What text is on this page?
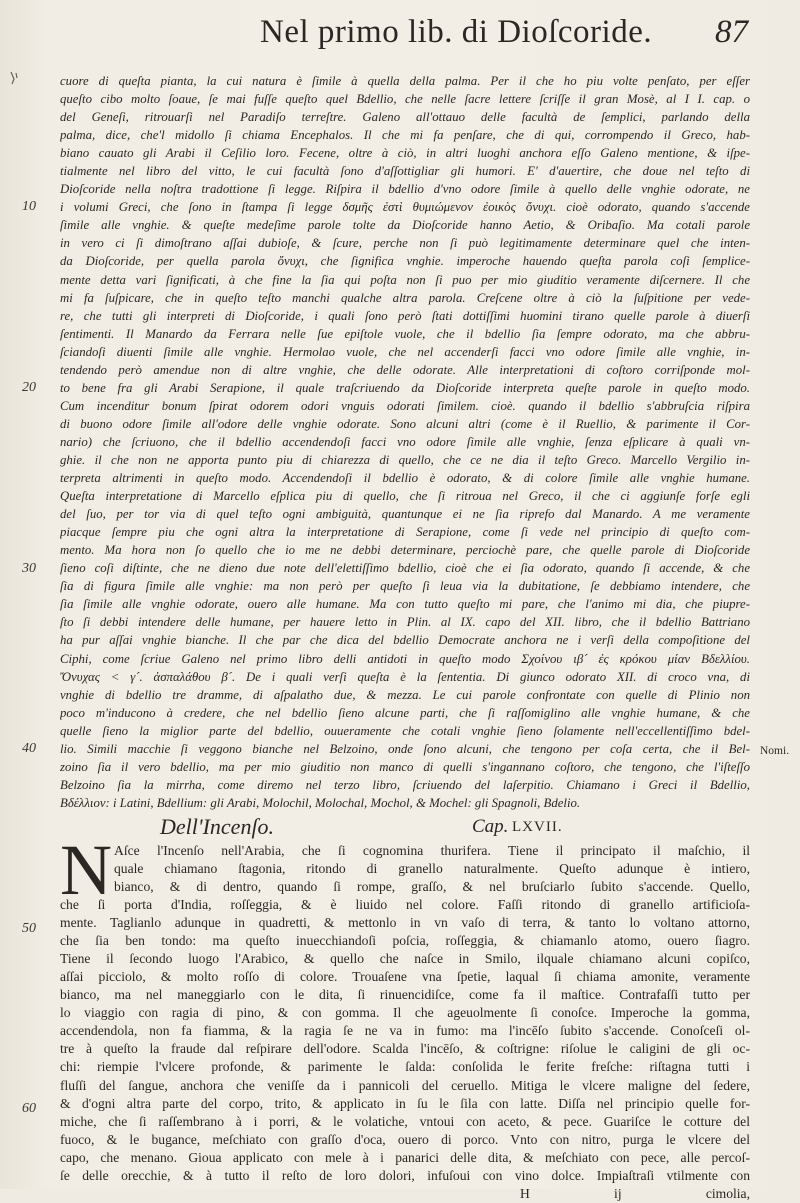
Nel primo lib. di Dioſcoride. 87
10
20
30
40
50
60
Nomi.
cuore di queſta pianta, la cui natura è ſimile à quella della palma. Per il che ho piu volte penſato, per eſſer
queſto cibo molto ſoaue, ſe mai fuſſe queſto quel Bdellio, che nelle ſacre lettere ſcriſſe il gran Mosè, al I I. cap. o
del Geneſi, ritrouarſi nel Paradiſo terreſtre. Galeno all'ottauo delle facultà de ſemplici, parlando della
palma, dice, che'l midollo ſi chiama Encephalos. Il che mi fa penſare, che di qui, corrompendo il Greco, hab-
biano cauato gli Arabi il Ceſilio loro. Fecene, oltre à ciò, in altri luoghi anchora eſſo Galeno mentione, & iſpe-
tialmente nel libro del vitto, le cui facultà ſono d'aſſottigliar gli humori. E' d'auertire, che doue nel teſto di
Dioſcoride nella noſtra tradottione ſi legge. Riſpira il bdellio d'vno odore ſimile à quello delle vnghie odorate, ne
i volumi Greci, che ſono in ſtampa ſi legge δσμῆς ἐστὶ θυμιώμενον ἐοικὸς ὄνυχι. cioè odorato, quando s'accende
ſimile alle vnghie. & queſte medeſime parole tolte da Dioſcoride hanno Aetio, & Oribaſio. Ma cotali parole
in vero ci ſi dimoſtrano aſſai dubioſe, & ſcure, perche non ſi può legitimamente determinare quel che inten-
da Dioſcoride, per quella parola ὄνυχι, che ſignifica vnghie. imperoche hauendo queſta parola coſi ſemplice-
mente detta vari ſignificati, à che fine la ſia qui poſta non ſi puo per mio giuditio veramente diſcernere. Il che
mi fa ſuſpicare, che in queſto teſto manchi qualche altra parola. Creſcene oltre à ciò la ſuſpitione per vede-
re, che tutti gli interpreti di Dioſcoride, i quali ſono però ſtati dottiſſimi huomini tirano quelle parole à diuerſi
ſentimenti. Il Manardo da Ferrara nelle ſue epiſtole vuole, che il bdellio ſia ſempre odorato, ma che abbru-
ſciandoſi diuenti ſimile alle vnghie. Hermolao vuole, che nel accenderſi facci vno odore ſimile alle vnghie, in-
tendendo però amendue non di altre vnghie, che delle odorate. Alle interpretationi di coſtoro corriſponde mol-
to bene fra gli Arabi Serapione, il quale traſcriuendo da Dioſcoride interpreta queſte parole in queſto modo.
Cum incenditur bonum ſpirat odorem odori vnguis odorati ſimilem. cioè. quando il bdellio s'abbruſcia riſpira
di buono odore ſimile all'odore delle vnghie odorate. Sono alcuni altri (come è il Ruellio, & parimente il Cor-
nario) che ſcriuono, che il bdellio accendendoſi facci vno odore ſimile alle vnghie, ſenza eſplicare à quali vn-
ghie. il che non ne apporta punto piu di chiarezza di quello, che ce ne dia il teſto Greco. Marcello Vergilio in-
terpreta altrimenti in queſto modo. Accendendoſi il bdellio è odorato, & di colore ſimile alle vnghie humane.
Queſta interpretatione di Marcello eſplica piu di quello, che ſi ritroua nel Greco, il che ci aggiunſe forſe egli
del ſuo, per tor via di quel teſto ogni ambiguità, quantunque ei ne ſia riprefo dal Manardo. A me veramente
piacque ſempre piu che ogni altra la interpretatione di Serapione, come ſi vede nel principio di queſto com-
mento. Ma hora non ſo quello che io me ne debbi determinare, perciochè pare, che quelle parole di Dioſcoride
ſieno coſi diſtinte, che ne dieno due note dell'elettiſſimo bdellio, cioè che ei ſia odorato, quando ſi accende, & che
ſia di figura ſimile alle vnghie: ma non però per queſto ſi leua via la dubitatione, ſe debbiamo intendere, che
ſia ſimile alle vnghie odorate, ouero alle humane. Ma con tutto queſto mi pare, che l'animo mi dia, che piupre-
ſto ſi debbi intendere delle humane, per hauere letto in Plin. al IX. capo del XII. libro, che il bdellio Battriano
ha pur aſſai vnghie bianche. Il che par che dica del bdellio Democrate anchora ne i verſi della compoſitione del
Ciphi, come ſcriue Galeno nel primo libro delli antidoti in queſto modo Σχοίνου ιβ´ ἐς κρόκου μίαν Βδελλίου.
Ὄνυχας < γ´. ἀσπαλάθου β´. De i quali verſi queſta è la ſententia. Di giunco odorato XII. di croco vna, di
vnghie di bdellio tre dramme, di aſpalatho due, & mezza. Le cui parole confrontate con quelle di Plinio non
poco m'inducono à credere, che nel bdellio ſieno alcune parti, che ſi raſſomiglino alle vnghie humane, & che
quelle ſieno la miglior parte del bdellio, ouueramente che cotali vnghie ſieno ſolamente nell'eccellentiſſimo bdel-
lio. Simili macchie ſi veggono bianche nel Belzoino, onde ſono alcuni, che tengono per coſa certa, che il Bel-
zoino ſia il vero bdellio, ma per mio giuditio non manco di quelli s'ingannano coſtoro, che tengono, che l'iſteſſo
Belzoino ſia la mirrha, come diremo nel terzo libro, ſcriuendo del laſerpitio. Chiamano i Greci il Bdellio,
Βδέλλιον: i Latini, Bdellium: gli Arabi, Molochil, Molochal, Mochol, & Mochel: gli Spagnoli, Bdelio.
Dell'Incenſo.	Cap. LXVII.
N Aſce l'Incenſo nell'Arabia, che ſi cognomina thurifera. Tiene il principato il maſchio, il
quale chiamano ſtagonia, ritondo di granello naturalmente. Queſto adunque è intiero,
bianco, & di dentro, quando ſi rompe, graſſo, & nel bruſciarlo ſubito s'accende. Quello,
che ſi porta d'India, roſſeggia, & è liuido nel colore. Faſſi ritondo di granello artificioſa-
mente. Taglianlo adunque in quadretti, & mettonlo in vn vaſo di terra, & tanto lo voltano attorno,
che ſia ben tondo: ma queſto inuecchiandoſi poſcia, roſſeggia, & chiamanlo atomo, ouero ſiagro.
Tiene il ſecondo luogo l'Arabico, & quello che naſce in Smilo, ilquale chiamano alcuni copiſco,
aſſai picciolo, & molto roſſo di colore. Trouaſene vna ſpetie, laqual ſi chiama amonite, veramente
bianco, ma nel maneggiarlo con le dita, ſi rinuencidiſce, come fa il maſtice. Contrafaſſi tutto per
lo viaggio con ragia di pino, & con gomma. Il che ageuolmente ſi conoſce. Imperoche la gomma,
accendendola, non fa fiamma, & la ragia ſe ne va in fumo: ma l'incēſo ſubito s'accende. Conoſceſi ol-
tre à queſto la fraude dal reſpirare dell'odore. Scalda l'incēſo, & coſtrigne: riſolue le caligini de gli oc-
chi: riempie l'vlcere profonde, & parimente le ſalda: conſolida le ferite freſche: riſtagna tutti i
fluſſi del ſangue, anchora che veniſſe da i pannicoli del ceruello. Mitiga le vlcere maligne del ſedere,
& d'ogni altra parte del corpo, trito, & applicato in ſu le ſila con latte. Diſſa nel principio quelle for-
miche, che ſi raſſembrano à i porri, & le volatiche, vntoui con aceto, & pece. Guariſce le cotture del
fuoco, & le bugance, meſchiato con graſſo d'oca, ouero di porco. Vnto con nitro, purga le vlcere del
capo, che menano. Gioua applicato con mele à i panarici delle dita, & meſchiato con pece, alle percoſ-
ſe delle orecchie, & à tutto il reſto de loro dolori, infuſoui con vino dolce. Impiaſtraſi vtilmente con
H ij cimolia,
